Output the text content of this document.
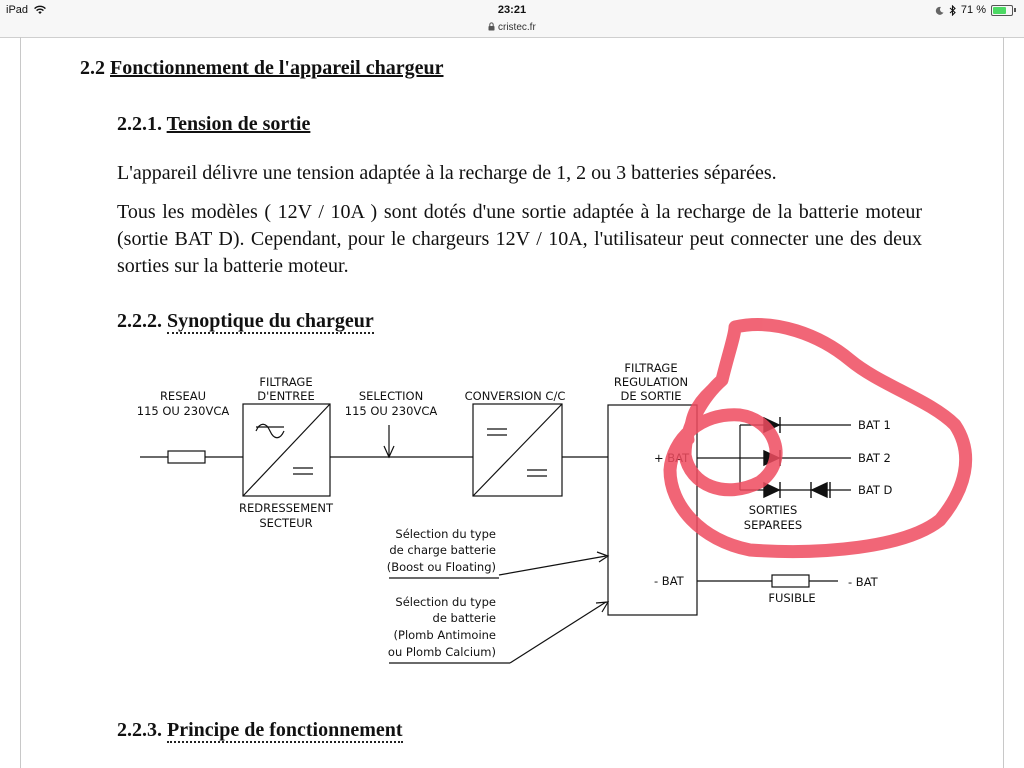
iPad	23:21	71 %
cristec.fr
2.2 Fonctionnement de l'appareil chargeur
2.2.1. Tension de sortie

L'appareil délivre une tension adaptée à la recharge de 1, 2 ou 3 batteries séparées.

Tous les modèles ( 12V / 10A ) sont dotés d'une sortie adaptée à la recharge de la batterie moteur (sortie BAT D). Cependant, pour le chargeurs 12V / 10A, l'utilisateur peut connecter une des deux sorties sur la batterie moteur.

2.2.2. Synoptique du chargeur
2.2.3. Principe de fonctionnement
RESEAU
115 OU 230VCA
FILTRAGE
D'ENTREE
REDRESSEMENT
SECTEUR
SELECTION
115 OU 230VCA
CONVERSION C/C
FILTRAGE
REGULATION
DE SORTIE
+ BAT
- BAT
BAT 1
BAT 2
BAT D
SORTIES
SEPAREES
FUSIBLE
- BAT
Sélection du type
de charge batterie
(Boost ou Floating)
Sélection du type
de batterie
(Plomb Antimoine
ou Plomb Calcium)
